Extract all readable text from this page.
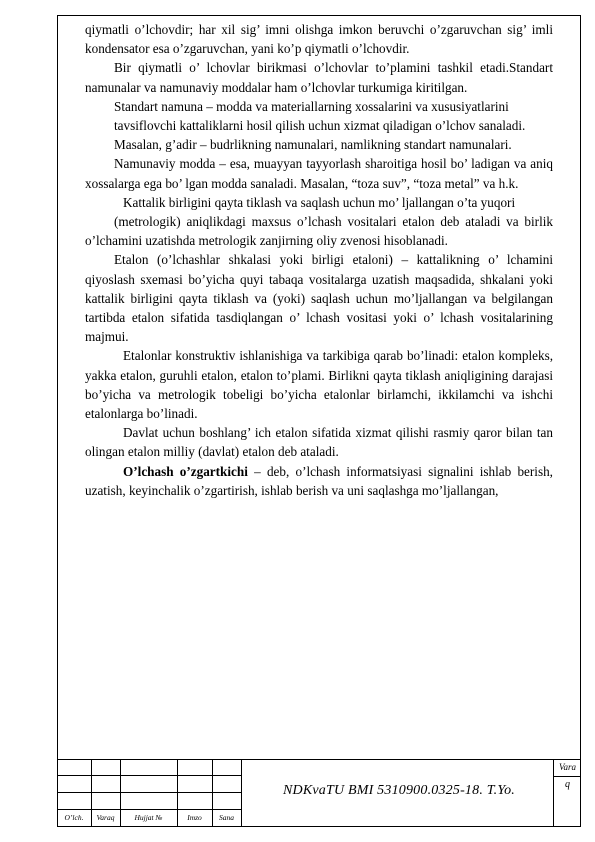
qiymatli o’lchovdir; har xil sig’ imni olishga imkon beruvchi o’zgaruvchan sig’ imli kondensator esa o’zgaruvchan, yani ko’p qiymatli o’lchovdir.

Bir qiymatli o’ lchovlar birikmasi o’lchovlar to’plamini tashkil etadi.Standart namunalar va namunaviy moddalar ham o’lchovlar turkumiga kiritilgan.

Standart namuna – modda va materiallarning xossalarini va xususiyatlarini

tavsiflovchi kattaliklarni hosil qilish uchun xizmat qiladigan o’lchov sanaladi.

Masalan, g’adir – budrlikning namunalari, namlikning standart namunalari.

Namunaviy modda – esa, muayyan tayyorlash sharoitiga hosil bo’ ladigan va aniq xossalarga ega bo’ lgan modda sanaladi. Masalan, “toza suv”, “toza metal” va h.k.

Kattalik birligini qayta tiklash va saqlash uchun mo’ ljallangan o’ta yuqori

(metrologik) aniqlikdagi maxsus o’lchash vositalari etalon deb ataladi va birlik o’lchamini uzatishda metrologik zanjirning oliy zvenosi hisoblanadi.

Etalon (o’lchashlar shkalasi yoki birligi etaloni) – kattalikning o’ lchamini qiyoslash sxemasi bo’yicha quyi tabaqa vositalarga uzatish maqsadida, shkalani yoki kattalik birligini qayta tiklash va (yoki) saqlash uchun mo’ljallangan va belgilangan tartibda etalon sifatida tasdiqlangan o’ lchash vositasi yoki o’ lchash vositalarining majmui.

Etalonlar konstruktiv ishlanishiga va tarkibiga qarab bo’linadi: etalon kompleks, yakka etalon, guruhli etalon, etalon to’plami. Birlikni qayta tiklash aniqligining darajasi bo’yicha va metrologik tobeligi bo’yicha etalonlar birlamchi, ikkilamchi va ishchi etalonlarga bo’linadi.

Davlat uchun boshlang’ ich etalon sifatida xizmat qilishi rasmiy qaror bilan tan olingan etalon milliy (davlat) etalon deb ataladi.

O’lchash o’zgartkichi – deb, o’lchash informatsiyasi signalini ishlab berish, uzatish, keyinchalik o’zgartirish, ishlab berish va uni saqlashga mo’ljallangan,

O’lch.	Varaq	Hujjat №	Imzo	Sana
NDKvaTU BMI 5310900.0325-18. T.Yo.
Vara
q
